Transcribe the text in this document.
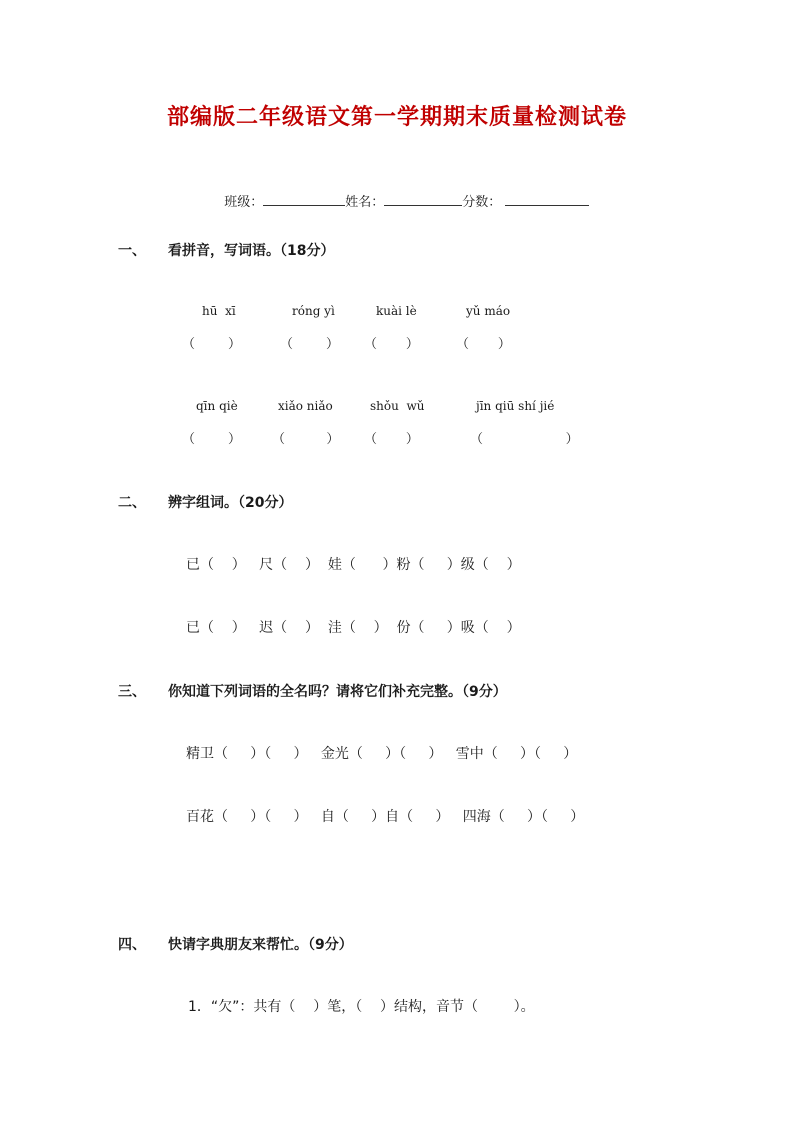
部编版二年级语文第一学期期末质量检测试卷

班级：	姓名：	分数：

一、 看拼音，写词语。（18分）
hū  xī	róng yì	kuài lè	yǔ máo
（        ）	（        ） （       ）	（       ）
qīn qiè	xiǎo niǎo	shǒu  wǔ	jīn qiū shí jié
（        ） （          ） （       ）	（                    ）
二、 辨字组词。（20分）
已（    ）   尺（    ）  娃（      ）粉（     ）级（    ）
已（    ）   迟（    ）  洼（    ）  份（     ）吸（    ）
三、 你知道下列词语的全名吗？请将它们补充完整。（9分）
精卫（     ）（     ）   金光（     ）（     ）   雪中（     ）（     ）
百花（     ）（     ）   自（     ）自（     ）   四海（     ）（     ）
四、 快请字典朋友来帮忙。（9分）
1．“欠”：共有（    ）笔，（    ）结构，音节（        ）。
